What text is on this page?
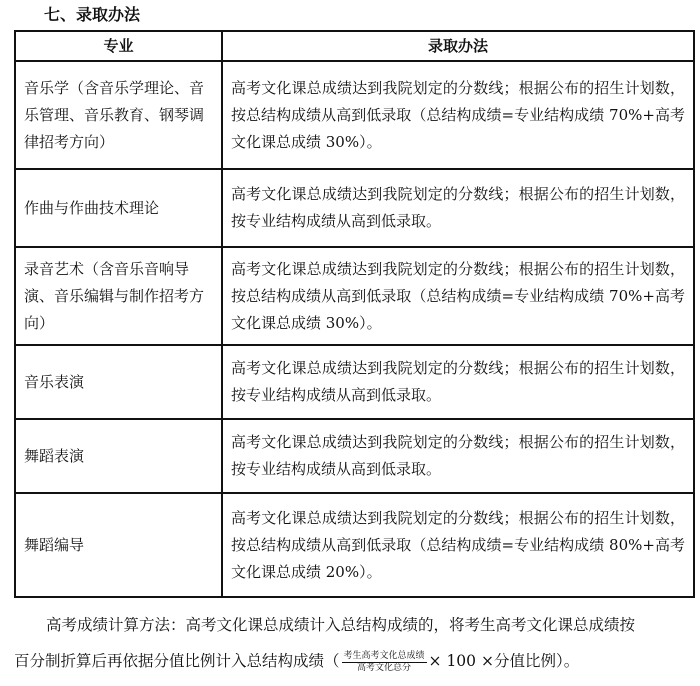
七、录取办法
专业	录取办法
音乐学（含音乐学理论、音乐管理、音乐教育、钢琴调律招考方向）	高考文化课总成绩达到我院划定的分数线；根据公布的招生计划数，按总结构成绩从高到低录取（总结构成绩=专业结构成绩 70%+高考文化课总成绩 30%）。
作曲与作曲技术理论	高考文化课总成绩达到我院划定的分数线；根据公布的招生计划数，按专业结构成绩从高到低录取。
录音艺术（含音乐音响导演、音乐编辑与制作招考方向）	高考文化课总成绩达到我院划定的分数线；根据公布的招生计划数，按总结构成绩从高到低录取（总结构成绩=专业结构成绩 70%+高考文化课总成绩 30%）。
音乐表演	高考文化课总成绩达到我院划定的分数线；根据公布的招生计划数，按专业结构成绩从高到低录取。
舞蹈表演	高考文化课总成绩达到我院划定的分数线；根据公布的招生计划数，按专业结构成绩从高到低录取。
舞蹈编导	高考文化课总成绩达到我院划定的分数线；根据公布的招生计划数，按总结构成绩从高到低录取（总结构成绩=专业结构成绩 80%+高考文化课总成绩 20%）。
高考成绩计算方法：高考文化课总成绩计入总结构成绩的，将考生高考文化课总成绩按
百分制折算后再依据分值比例计入总结构成绩（ $\frac{\text{考生高考文化总成绩}}{\text{高考文化总分}} \times 100$ ×分值比例）。
